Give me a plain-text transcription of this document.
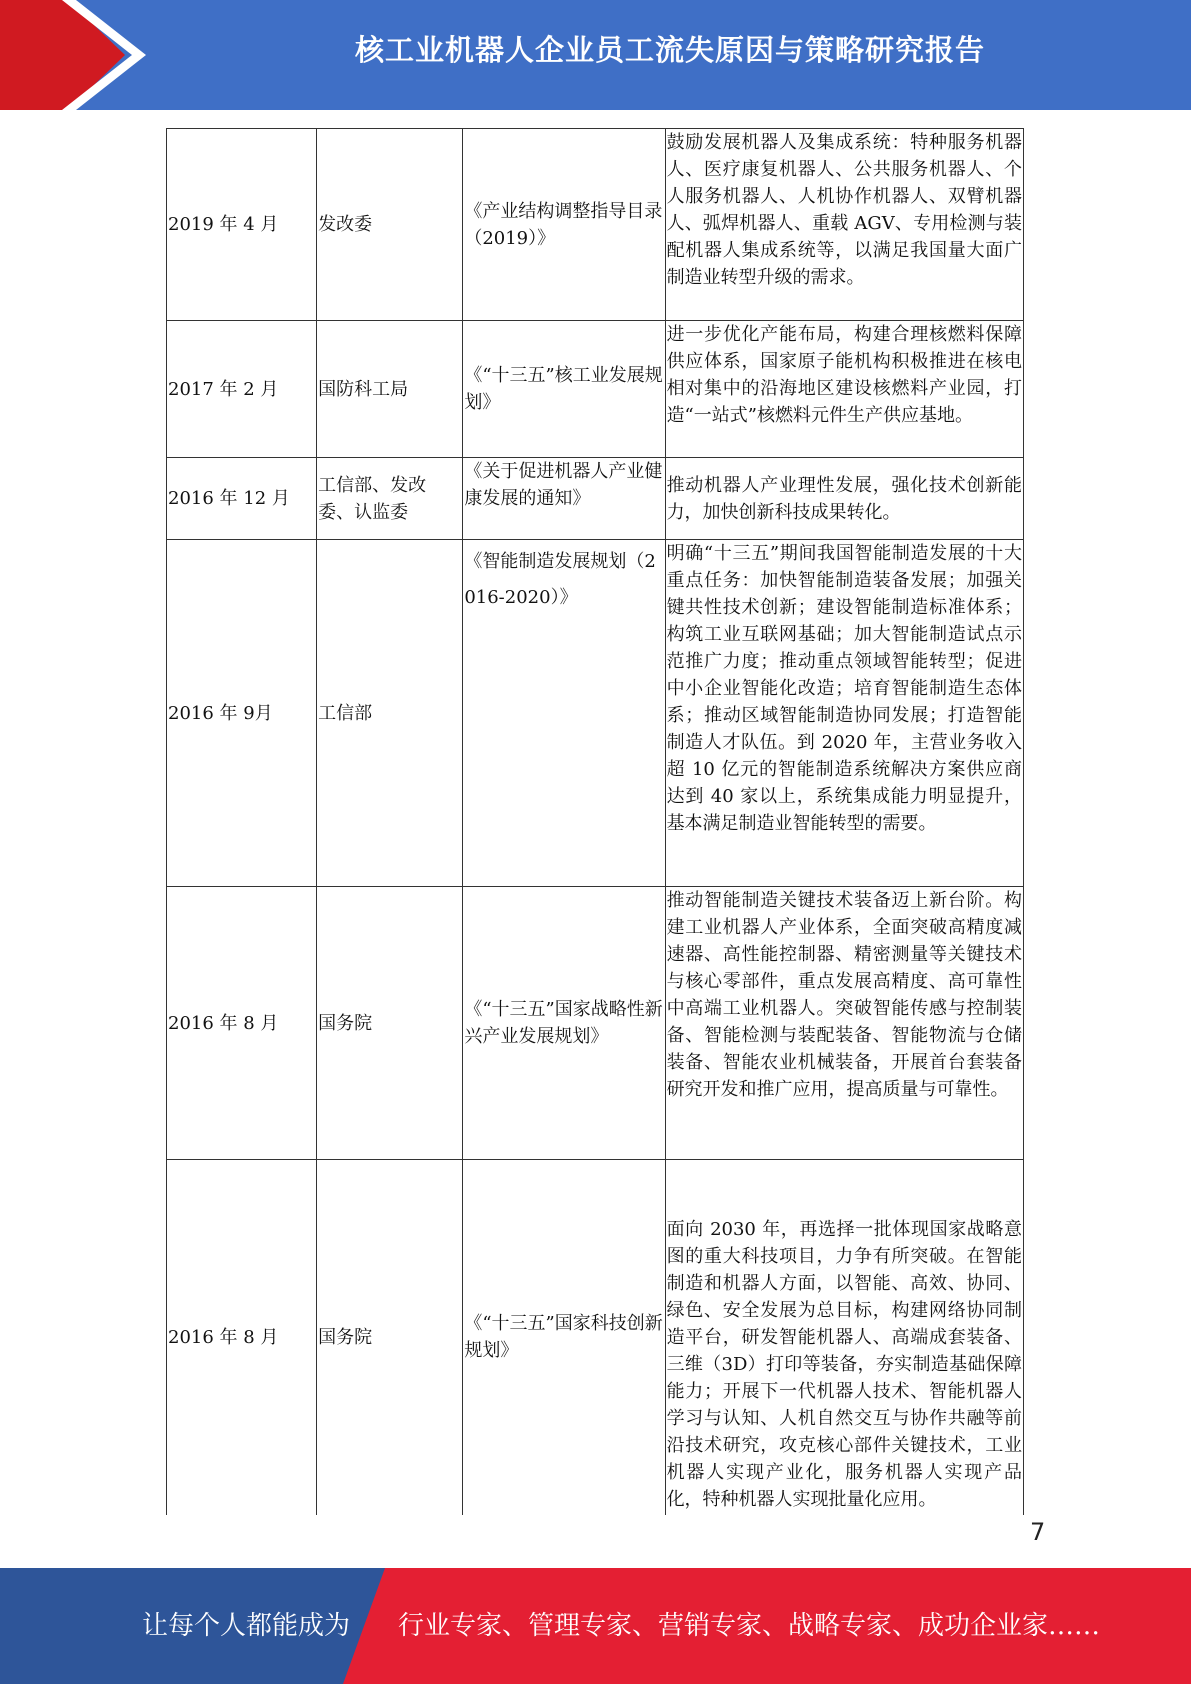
核工业机器人企业员工流失原因与策略研究报告
2019 年 4 月	发改委	《产业结构调整指导目录（2019）》	鼓励发展机器人及集成系统：特种服务机器人、医疗康复机器人、公共服务机器人、个人服务机器人、人机协作机器人、双臂机器人、弧焊机器人、重载 AGV、专用检测与装配机器人集成系统等，以满足我国量大面广制造业转型升级的需求。
2017 年 2 月	国防科工局	《“十三五”核工业发展规划》	进一步优化产能布局，构建合理核燃料保障供应体系，国家原子能机构积极推进在核电相对集中的沿海地区建设核燃料产业园，打造“一站式”核燃料元件生产供应基地。
2016 年 12 月	工信部、发改委、认监委	《关于促进机器人产业健康发展的通知》	推动机器人产业理性发展，强化技术创新能力，加快创新科技成果转化。
2016 年 9月	工信部	《智能制造发展规划（2016-2020）》	明确“十三五”期间我国智能制造发展的十大重点任务：加快智能制造装备发展；加强关键共性技术创新；建设智能制造标准体系；构筑工业互联网基础；加大智能制造试点示范推广力度；推动重点领域智能转型；促进中小企业智能化改造；培育智能制造生态体系；推动区域智能制造协同发展；打造智能制造人才队伍。到 2020 年，主营业务收入超 10 亿元的智能制造系统解决方案供应商达到 40 家以上，系统集成能力明显提升，基本满足制造业智能转型的需要。
2016 年 8 月	国务院	《“十三五”国家战略性新兴产业发展规划》	推动智能制造关键技术装备迈上新台阶。构建工业机器人产业体系，全面突破高精度减速器、高性能控制器、精密测量等关键技术与核心零部件，重点发展高精度、高可靠性中高端工业机器人。突破智能传感与控制装备、智能检测与装配装备、智能物流与仓储装备、智能农业机械装备，开展首台套装备研究开发和推广应用，提高质量与可靠性。
2016 年 8 月	国务院	《“十三五”国家科技创新规划》	面向 2030 年，再选择一批体现国家战略意图的重大科技项目，力争有所突破。在智能制造和机器人方面，以智能、高效、协同、绿色、安全发展为总目标，构建网络协同制造平台，研发智能机器人、高端成套装备、三维（3D）打印等装备，夯实制造基础保障能力；开展下一代机器人技术、智能机器人学习与认知、人机自然交互与协作共融等前沿技术研究，攻克核心部件关键技术，工业机器人实现产业化，服务机器人实现产品化，特种机器人实现批量化应用。
7
让每个人都能成为 行业专家、管理专家、营销专家、战略专家、成功企业家……
